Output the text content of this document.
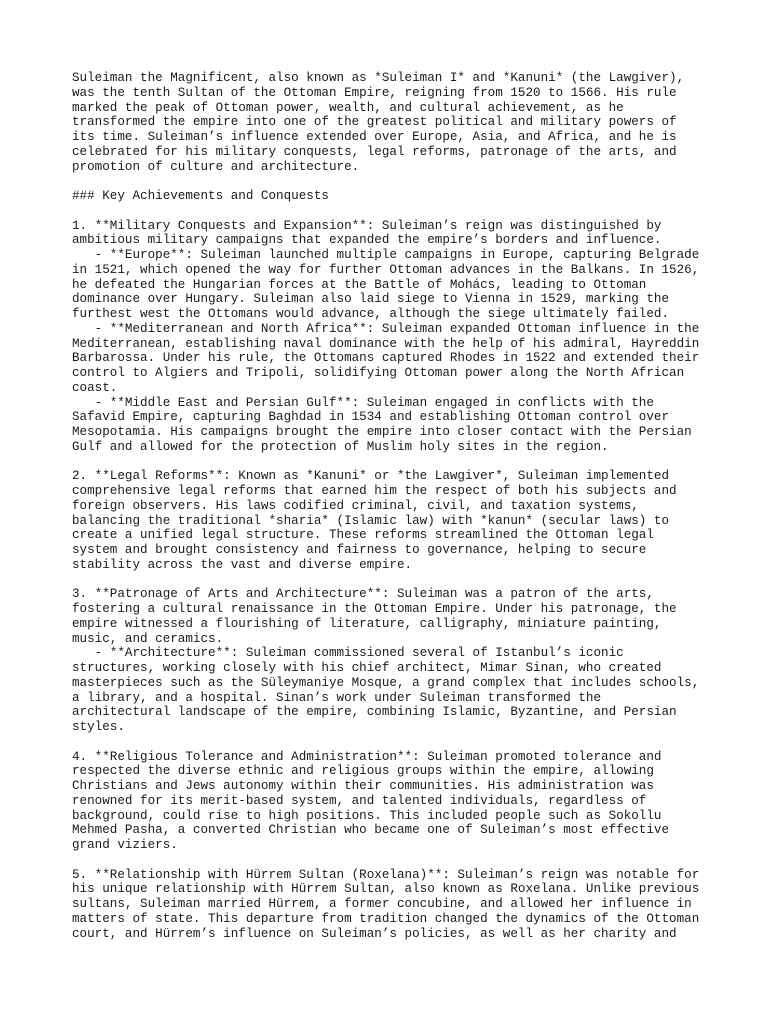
Suleiman the Magnificent, also known as *Suleiman I* and *Kanuni* (the Lawgiver),
was the tenth Sultan of the Ottoman Empire, reigning from 1520 to 1566. His rule
marked the peak of Ottoman power, wealth, and cultural achievement, as he
transformed the empire into one of the greatest political and military powers of
its time. Suleiman’s influence extended over Europe, Asia, and Africa, and he is
celebrated for his military conquests, legal reforms, patronage of the arts, and
promotion of culture and architecture.
### Key Achievements and Conquests
1. **Military Conquests and Expansion**: Suleiman’s reign was distinguished by
ambitious military campaigns that expanded the empire’s borders and influence.
- **Europe**: Suleiman launched multiple campaigns in Europe, capturing Belgrade
in 1521, which opened the way for further Ottoman advances in the Balkans. In 1526,
he defeated the Hungarian forces at the Battle of Mohács, leading to Ottoman
dominance over Hungary. Suleiman also laid siege to Vienna in 1529, marking the
furthest west the Ottomans would advance, although the siege ultimately failed.
- **Mediterranean and North Africa**: Suleiman expanded Ottoman influence in the
Mediterranean, establishing naval dominance with the help of his admiral, Hayreddin
Barbarossa. Under his rule, the Ottomans captured Rhodes in 1522 and extended their
control to Algiers and Tripoli, solidifying Ottoman power along the North African
coast.
- **Middle East and Persian Gulf**: Suleiman engaged in conflicts with the
Safavid Empire, capturing Baghdad in 1534 and establishing Ottoman control over
Mesopotamia. His campaigns brought the empire into closer contact with the Persian
Gulf and allowed for the protection of Muslim holy sites in the region.
2. **Legal Reforms**: Known as *Kanuni* or *the Lawgiver*, Suleiman implemented
comprehensive legal reforms that earned him the respect of both his subjects and
foreign observers. His laws codified criminal, civil, and taxation systems,
balancing the traditional *sharia* (Islamic law) with *kanun* (secular laws) to
create a unified legal structure. These reforms streamlined the Ottoman legal
system and brought consistency and fairness to governance, helping to secure
stability across the vast and diverse empire.
3. **Patronage of Arts and Architecture**: Suleiman was a patron of the arts,
fostering a cultural renaissance in the Ottoman Empire. Under his patronage, the
empire witnessed a flourishing of literature, calligraphy, miniature painting,
music, and ceramics.
- **Architecture**: Suleiman commissioned several of Istanbul’s iconic
structures, working closely with his chief architect, Mimar Sinan, who created
masterpieces such as the Süleymaniye Mosque, a grand complex that includes schools,
a library, and a hospital. Sinan’s work under Suleiman transformed the
architectural landscape of the empire, combining Islamic, Byzantine, and Persian
styles.
4. **Religious Tolerance and Administration**: Suleiman promoted tolerance and
respected the diverse ethnic and religious groups within the empire, allowing
Christians and Jews autonomy within their communities. His administration was
renowned for its merit-based system, and talented individuals, regardless of
background, could rise to high positions. This included people such as Sokollu
Mehmed Pasha, a converted Christian who became one of Suleiman’s most effective
grand viziers.
5. **Relationship with Hürrem Sultan (Roxelana)**: Suleiman’s reign was notable for
his unique relationship with Hürrem Sultan, also known as Roxelana. Unlike previous
sultans, Suleiman married Hürrem, a former concubine, and allowed her influence in
matters of state. This departure from tradition changed the dynamics of the Ottoman
court, and Hürrem’s influence on Suleiman’s policies, as well as her charity and
